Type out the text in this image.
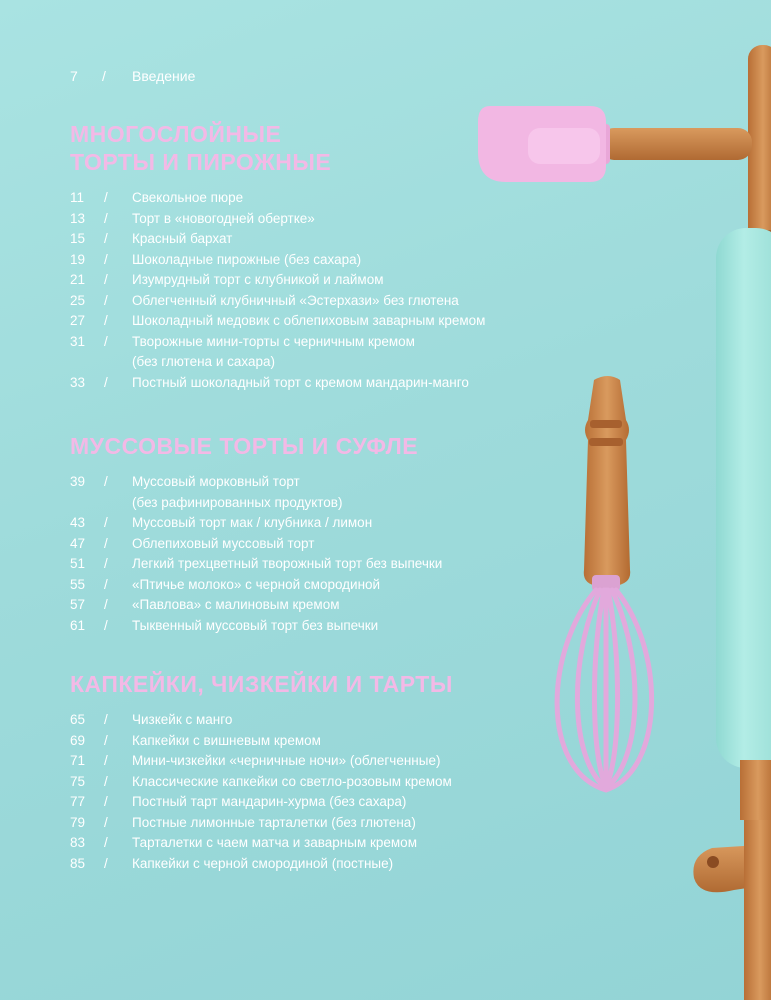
7	/	Введение
МНОГОСЛОЙНЫЕ
ТОРТЫ И ПИРОЖНЫЕ
11	/	Свекольное пюре
13	/	Торт в «новогодней обертке»
15	/	Красный бархат
19	/	Шоколадные пирожные (без сахара)
21	/	Изумрудный торт с клубникой и лаймом
25	/	Облегченный клубничный «Эстерхази» без глютена
27	/	Шоколадный медовик с облепиховым заварным кремом
31	/	Творожные мини-торты с черничным кремом
(без глютена и сахара)
33	/	Постный шоколадный торт с кремом мандарин-манго
МУССОВЫЕ ТОРТЫ И СУФЛЕ
39	/	Муссовый морковный торт
(без рафинированных продуктов)
43	/	Муссовый торт мак / клубника / лимон
47	/	Облепиховый муссовый торт
51	/	Легкий трехцветный творожный торт без выпечки
55	/	«Птичье молоко» с черной смородиной
57	/	«Павлова» с малиновым кремом
61	/	Тыквенный муссовый торт без выпечки
КАПКЕЙКИ, ЧИЗКЕЙКИ И ТАРТЫ
65	/	Чизкейк с манго
69	/	Капкейки с вишневым кремом
71	/	Мини-чизкейки «черничные ночи» (облегченные)
75	/	Классические капкейки со светло-розовым кремом
77	/	Постный тарт мандарин-хурма (без сахара)
79	/	Постные лимонные тарталетки (без глютена)
83	/	Тарталетки с чаем матча и заварным кремом
85	/	Капкейки с черной смородиной (постные)
